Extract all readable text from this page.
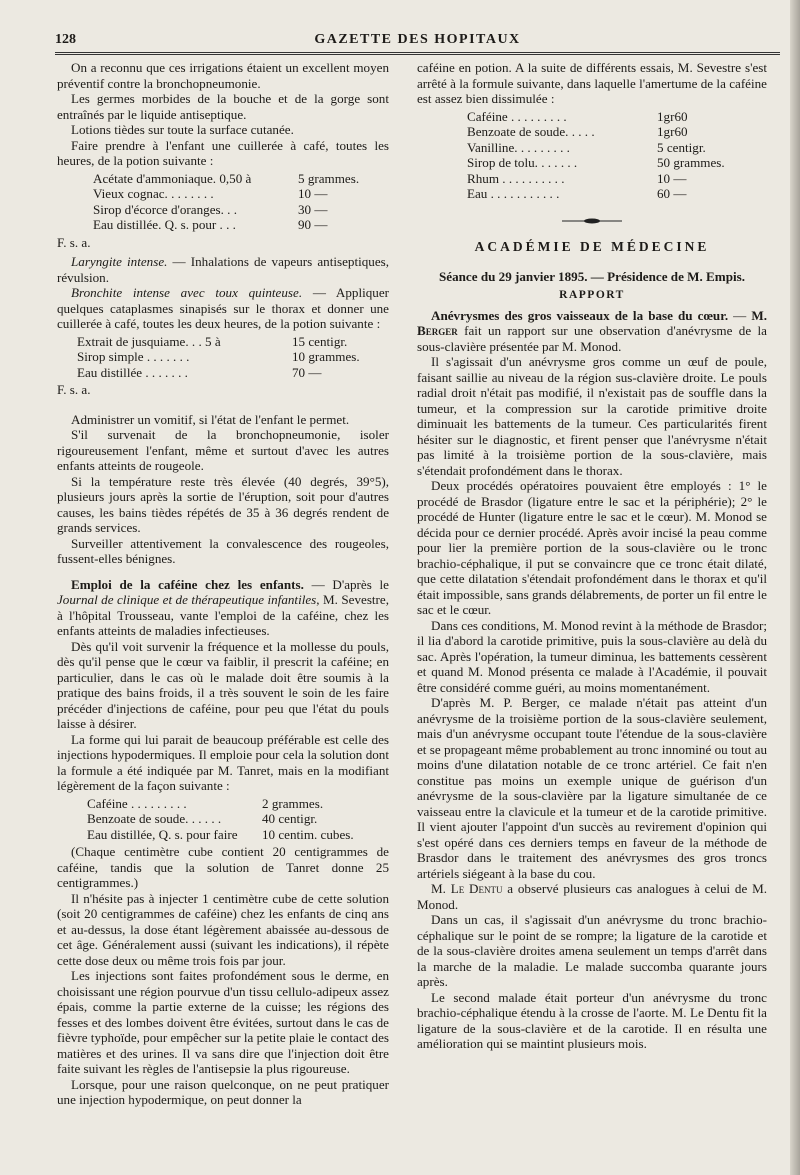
128	GAZETTE DES HOPITAUX

On a reconnu que ces irrigations étaient un excellent moyen préventif contre la bronchopneumonie.

Les germes morbides de la bouche et de la gorge sont entraînés par le liquide antiseptique.

Lotions tièdes sur toute la surface cutanée.

Faire prendre à l'enfant une cuillerée à café, toutes les heures, de la potion suivante :

Acétate d'ammoniaque. 0,50 à	5 grammes.
Vieux cognac. . . . . . . .	10 —
Sirop d'écorce d'oranges. . .	30 —
Eau distillée. Q. s. pour . . .	90 —

F. s. a.

Laryngite intense. — Inhalations de vapeurs antiseptiques, révulsion.

Bronchite intense avec toux quinteuse. — Appliquer quelques cataplasmes sinapisés sur le thorax et donner une cuillerée à café, toutes les deux heures, de la potion suivante :

Extrait de jusquiame. . . 5 à	15 centigr.
Sirop simple . . . . . . .	10 grammes.
Eau distillée . . . . . . .	70 —

F. s. a.

Administrer un vomitif, si l'état de l'enfant le permet.

S'il survenait de la bronchopneumonie, isoler rigoureusement l'enfant, même et surtout d'avec les autres enfants atteints de rougeole.

Si la température reste très élevée (40 degrés, 39°5), plusieurs jours après la sortie de l'éruption, soit pour d'autres causes, les bains tièdes répétés de 35 à 36 degrés rendent de grands services.

Surveiller attentivement la convalescence des rougeoles, fussent-elles bénignes.

Emploi de la caféine chez les enfants. — D'après le Journal de clinique et de thérapeutique infantiles, M. Sevestre, à l'hôpital Trousseau, vante l'emploi de la caféine, chez les enfants atteints de maladies infectieuses.

Dès qu'il voit survenir la fréquence et la mollesse du pouls, dès qu'il pense que le cœur va faiblir, il prescrit la caféine; en particulier, dans le cas où le malade doit être soumis à la pratique des bains froids, il a très souvent le soin de les faire précéder d'injections de caféine, pour peu que l'état du pouls laisse à désirer.

La forme qui lui parait de beaucoup préférable est celle des injections hypodermiques. Il emploie pour cela la solution dont la formule a été indiquée par M. Tanret, mais en la modifiant légèrement de la façon suivante :

Caféine . . . . . . . . .	2 grammes.
Benzoate de soude. . . . . .	40 centigr.
Eau distillée, Q. s. pour faire	10 centim. cubes.

(Chaque centimètre cube contient 20 centigrammes de caféine, tandis que la solution de Tanret donne 25 centigrammes.)

Il n'hésite pas à injecter 1 centimètre cube de cette solution (soit 20 centigrammes de caféine) chez les enfants de cinq ans et au-dessus, la dose étant légèrement abaissée au-dessous de cet âge. Généralement aussi (suivant les indications), il répète cette dose deux ou même trois fois par jour.

Les injections sont faites profondément sous le derme, en choisissant une région pourvue d'un tissu cellulo-adipeux assez épais, comme la partie externe de la cuisse; les régions des fesses et des lombes doivent être évitées, surtout dans le cas de fièvre typhoïde, pour empêcher sur la petite plaie le contact des matières et des urines. Il va sans dire que l'injection doit être faite suivant les règles de l'antisepsie la plus rigoureuse.

Lorsque, pour une raison quelconque, on ne peut pratiquer une injection hypodermique, on peut donner la

caféine en potion. A la suite de différents essais, M. Sevestre s'est arrêté à la formule suivante, dans laquelle l'amertume de la caféine est assez bien dissimulée :

Caféine . . . . . . . . .	1gr60
Benzoate de soude. . . . .	1gr60
Vanilline. . . . . . . . .	5 centigr.
Sirop de tolu. . . . . . .	50 grammes.
Rhum . . . . . . . . . .	10 —
Eau . . . . . . . . . . .	60 —
ACADÉMIE DE MÉDECINE
Séance du 29 janvier 1895. — Présidence de M. Empis.
RAPPORT

Anévrysmes des gros vaisseaux de la base du cœur. — M. Berger fait un rapport sur une observation d'anévrysme de la sous-clavière présentée par M. Monod.

Il s'agissait d'un anévrysme gros comme un œuf de poule, faisant saillie au niveau de la région sus-clavière droite. Le pouls radial droit n'était pas modifié, il n'existait pas de souffle dans la tumeur, et la compression sur la carotide primitive droite diminuait les battements de la tumeur. Ces particularités firent hésiter sur le diagnostic, et firent penser que l'anévrysme n'était pas limité à la troisième portion de la sous-clavière, mais s'étendait profondément dans le thorax.

Deux procédés opératoires pouvaient être employés : 1° le procédé de Brasdor (ligature entre le sac et la périphérie); 2° le procédé de Hunter (ligature entre le sac et le cœur). M. Monod se décida pour ce dernier procédé. Après avoir incisé la peau comme pour lier la première portion de la sous-clavière ou le tronc brachio-céphalique, il put se convaincre que ce tronc était dilaté, que cette dilatation s'étendait profondément dans le thorax et qu'il était impossible, sans grands délabrements, de porter un fil entre le sac et le cœur.

Dans ces conditions, M. Monod revint à la méthode de Brasdor; il lia d'abord la carotide primitive, puis la sous-clavière au delà du sac. Après l'opération, la tumeur diminua, les battements cessèrent et quand M. Monod présenta ce malade à l'Académie, il pouvait être considéré comme guéri, au moins momentanément.

D'après M. P. Berger, ce malade n'était pas atteint d'un anévrysme de la troisième portion de la sous-clavière seulement, mais d'un anévrysme occupant toute l'étendue de la sous-clavière et se propageant même probablement au tronc innominé ou tout au moins d'une dilatation notable de ce tronc artériel. Ce fait n'en constitue pas moins un exemple unique de guérison d'un anévrysme de la sous-clavière par la ligature simultanée de ce vaisseau entre la clavicule et la tumeur et de la carotide primitive. Il vient ajouter l'appoint d'un succès au revirement d'opinion qui s'est opéré dans ces derniers temps en faveur de la méthode de Brasdor dans le traitement des anévrysmes des gros troncs artériels siégeant à la base du cou.

M. Le Dentu a observé plusieurs cas analogues à celui de M. Monod.

Dans un cas, il s'agissait d'un anévrysme du tronc brachio-céphalique sur le point de se rompre; la ligature de la carotide et de la sous-clavière droites amena seulement un temps d'arrêt dans la marche de la maladie. Le malade succomba quarante jours après.

Le second malade était porteur d'un anévrysme du tronc brachio-céphalique étendu à la crosse de l'aorte. M. Le Dentu fit la ligature de la sous-clavière et de la carotide. Il en résulta une amélioration qui se maintint plusieurs mois.
